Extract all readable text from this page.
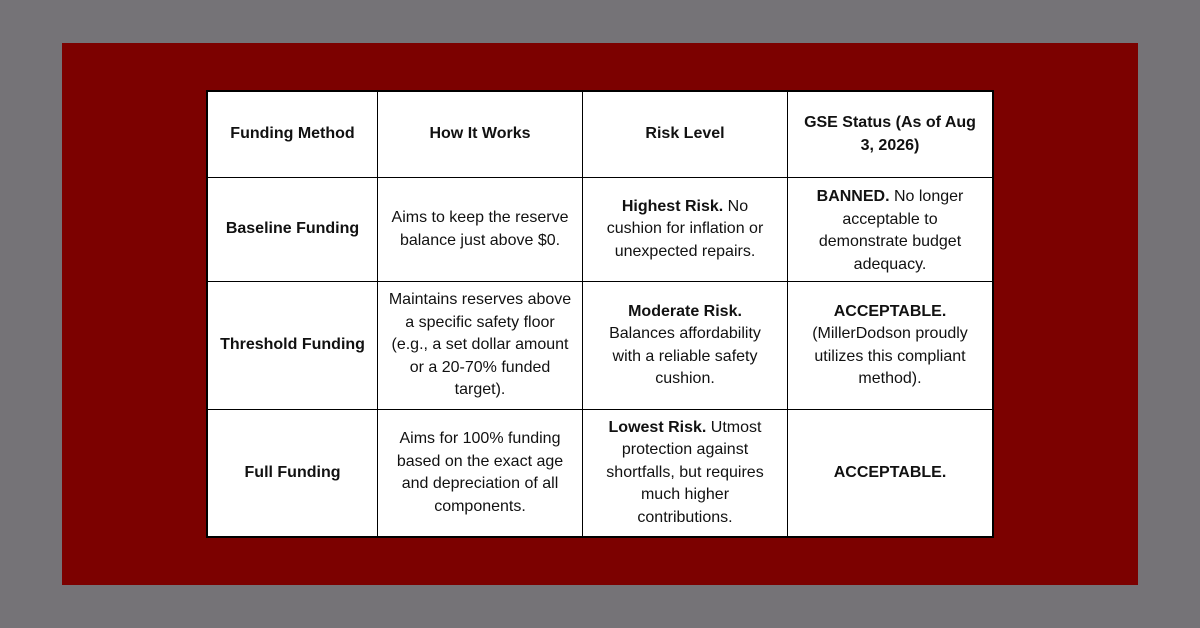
Funding Method	How It Works	Risk Level
GSE Status (As of Aug 3, 2026)
Baseline Funding
Aims to keep the reserve balance just above $0.
Highest Risk. No cushion for inflation or unexpected repairs.
BANNED. No longer acceptable to demonstrate budget adequacy.
Threshold Funding
Maintains reserves above a specific safety floor (e.g., a set dollar amount or a 20-70% funded target).
Moderate Risk. Balances affordability with a reliable safety cushion.
ACCEPTABLE. (MillerDodson proudly utilizes this compliant method).
Full Funding
Aims for 100% funding based on the exact age and depreciation of all components.
Lowest Risk. Utmost protection against shortfalls, but requires much higher contributions.
ACCEPTABLE.
